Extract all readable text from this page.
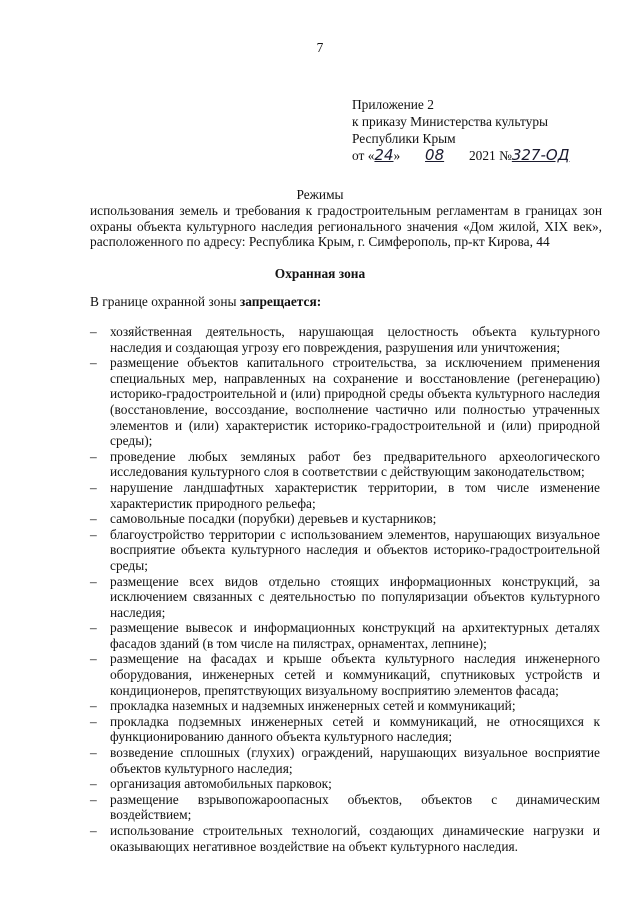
7
Приложение 2
к приказу Министерства культуры
Республики Крым
от «24» 08 2021 №327-ОД
Режимы
использования земель и требования к градостроительным регламентам в границах зон охраны объекта культурного наследия регионального значения «Дом жилой, XIX век», расположенного по адресу: Республика Крым, г. Симферополь, пр-кт Кирова, 44
Охранная зона
В границе охранной зоны запрещается:
– хозяйственная деятельность, нарушающая целостность объекта культурного наследия и создающая угрозу его повреждения, разрушения или уничтожения;
– размещение объектов капитального строительства, за исключением применения специальных мер, направленных на сохранение и восстановление (регенерацию) историко-градостроительной и (или) природной среды объекта культурного наследия (восстановление, воссоздание, восполнение частично или полностью утраченных элементов и (или) характеристик историко-градостроительной и (или) природной среды);
– проведение любых земляных работ без предварительного археологического исследования культурного слоя в соответствии с действующим законодательством;
– нарушение ландшафтных характеристик территории, в том числе изменение характеристик природного рельефа;
– самовольные посадки (порубки) деревьев и кустарников;
– благоустройство территории с использованием элементов, нарушающих визуальное восприятие объекта культурного наследия и объектов историко-градостроительной среды;
– размещение всех видов отдельно стоящих информационных конструкций, за исключением связанных с деятельностью по популяризации объектов культурного наследия;
– размещение вывесок и информационных конструкций на архитектурных деталях фасадов зданий (в том числе на пилястрах, орнаментах, лепнине);
– размещение на фасадах и крыше объекта культурного наследия инженерного оборудования, инженерных сетей и коммуникаций, спутниковых устройств и кондиционеров, препятствующих визуальному восприятию элементов фасада;
– прокладка наземных и надземных инженерных сетей и коммуникаций;
– прокладка подземных инженерных сетей и коммуникаций, не относящихся к функционированию данного объекта культурного наследия;
– возведение сплошных (глухих) ограждений, нарушающих визуальное восприятие объектов культурного наследия;
– организация автомобильных парковок;
– размещение взрывопожароопасных объектов, объектов с динамическим воздействием;
– использование строительных технологий, создающих динамические нагрузки и оказывающих негативное воздействие на объект культурного наследия.
